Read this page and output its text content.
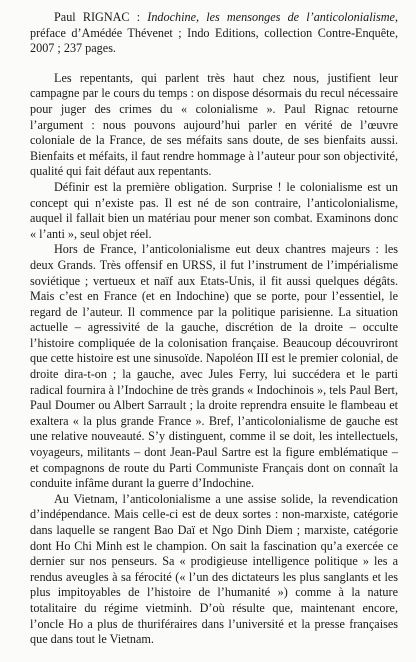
Paul RIGNAC : Indochine, les mensonges de l’anticolonialisme, préface d’Amédée Thévenet ; Indo Editions, collection Contre-Enquête, 2007 ; 237 pages.

Les repentants, qui parlent très haut chez nous, justifient leur campagne par le cours du temps : on dispose désormais du recul nécessaire pour juger des crimes du « colonialisme ». Paul Rignac retourne l’argument : nous pouvons aujourd’hui parler en vérité de l’œuvre coloniale de la France, de ses méfaits sans doute, de ses bienfaits aussi. Bienfaits et méfaits, il faut rendre hommage à l’auteur pour son objectivité, qualité qui fait défaut aux repentants.

Définir est la première obligation. Surprise ! le colonialisme est un concept qui n’existe pas. Il est né de son contraire, l’anticolonialisme, auquel il fallait bien un matériau pour mener son combat. Examinons donc « l’anti », seul objet réel.

Hors de France, l’anticolonialisme eut deux chantres majeurs : les deux Grands. Très offensif en URSS, il fut l’instrument de l’impérialisme soviétique ; vertueux et naïf aux Etats-Unis, il fit aussi quelques dégâts. Mais c’est en France (et en Indochine) que se porte, pour l’essentiel, le regard de l’auteur. Il commence par la politique parisienne. La situation actuelle – agressivité de la gauche, discrétion de la droite – occulte l’histoire compliquée de la colonisation française. Beaucoup découvriront que cette histoire est une sinusoïde. Napoléon III est le premier colonial, de droite dira-t-on ; la gauche, avec Jules Ferry, lui succédera et le parti radical fournira à l’Indochine de très grands « Indochinois », tels Paul Bert, Paul Doumer ou Albert Sarrault ; la droite reprendra ensuite le flambeau et exaltera « la plus grande France ». Bref, l’anticolonialisme de gauche est une relative nouveauté. S’y distinguent, comme il se doit, les intellectuels, voyageurs, militants – dont Jean-Paul Sartre est la figure emblématique – et compagnons de route du Parti Communiste Français dont on connaît la conduite infâme durant la guerre d’Indochine.

Au Vietnam, l’anticolonialisme a une assise solide, la revendication d’indépendance. Mais celle-ci est de deux sortes : non-marxiste, catégorie dans laquelle se rangent Bao Daï et Ngo Dinh Diem ; marxiste, catégorie dont Ho Chi Minh est le champion. On sait la fascination qu’a exercée ce dernier sur nos penseurs. Sa « prodigieuse intelligence politique » les a rendus aveugles à sa férocité (« l’un des dictateurs les plus sanglants et les plus impitoyables de l’histoire de l’humanité ») comme à la nature totalitaire du régime vietminh. D’où résulte que, maintenant encore, l’oncle Ho a plus de thuriféraires dans l’université et la presse françaises que dans tout le Vietnam.
